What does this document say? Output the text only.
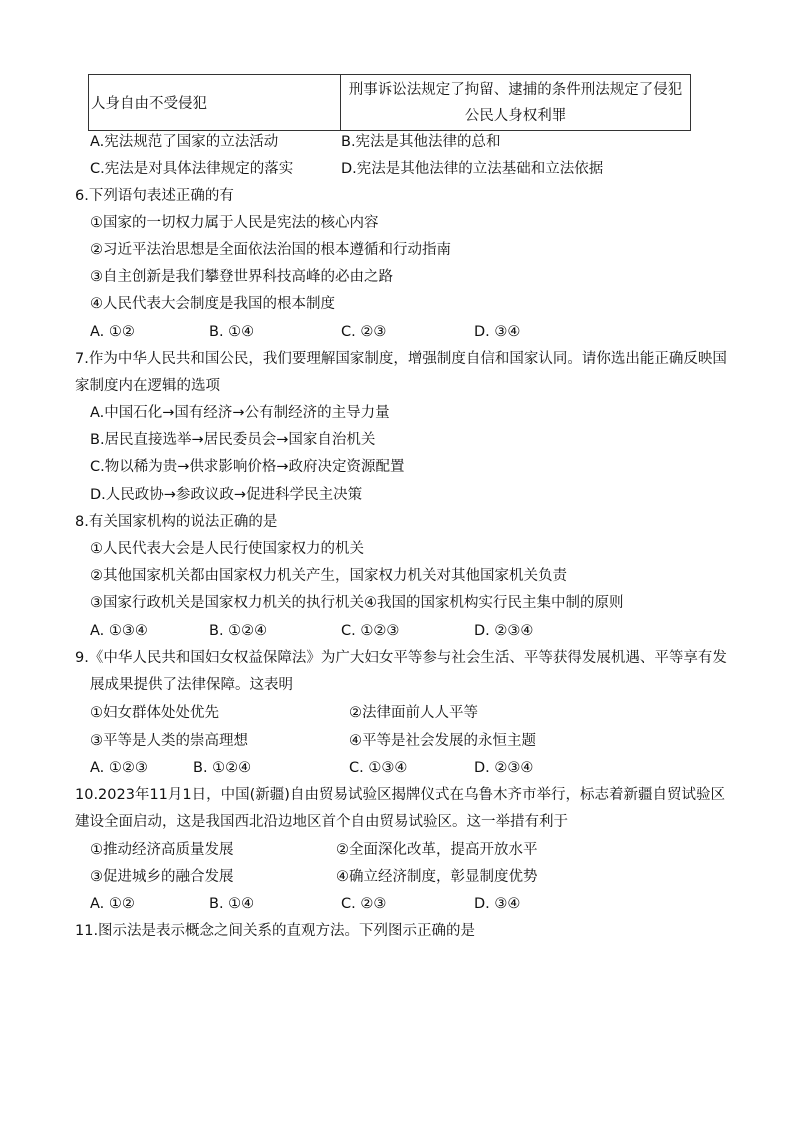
人身自由不受侵犯	刑事诉讼法规定了拘留、逮捕的条件刑法规定了侵犯公民人身权利罪
A.宪法规范了国家的立法活动	B.宪法是其他法律的总和
C.宪法是对具体法律规定的落实	D.宪法是其他法律的立法基础和立法依据
6.下列语句表述正确的有
①国家的一切权力属于人民是宪法的核心内容
②习近平法治思想是全面依法治国的根本遵循和行动指南
③自主创新是我们攀登世界科技高峰的必由之路
④人民代表大会制度是我国的根本制度
A. ①②	B. ①④	C. ②③	D. ③④
7.作为中华人民共和国公民，我们要理解国家制度，增强制度自信和国家认同。请你选出能正确反映国
家制度内在逻辑的选项
A.中国石化→国有经济→公有制经济的主导力量
B.居民直接选举→居民委员会→国家自治机关
C.物以稀为贵→供求影响价格→政府决定资源配置
D.人民政协→参政议政→促进科学民主决策
8.有关国家机构的说法正确的是
①人民代表大会是人民行使国家权力的机关
②其他国家机关都由国家权力机关产生，国家权力机关对其他国家机关负责
③国家行政机关是国家权力机关的执行机关④我国的国家机构实行民主集中制的原则
A. ①③④	B. ①②④	C. ①②③	D. ②③④
9.《中华人民共和国妇女权益保障法》为广大妇女平等参与社会生活、平等获得发展机遇、平等享有发
展成果提供了法律保障。这表明
①妇女群体处处优先	②法律面前人人平等
③平等是人类的崇高理想	④平等是社会发展的永恒主题
A. ①②③	B. ①②④	C. ①③④	D. ②③④
10.2023年11月1日，中国(新疆)自由贸易试验区揭牌仪式在乌鲁木齐市举行，标志着新疆自贸试验区
建设全面启动，这是我国西北沿边地区首个自由贸易试验区。这一举措有利于
①推动经济高质量发展	②全面深化改革，提高开放水平
③促进城乡的融合发展	④确立经济制度，彰显制度优势
A. ①②	B. ①④	C. ②③	D. ③④
11.图示法是表示概念之间关系的直观方法。下列图示正确的是
